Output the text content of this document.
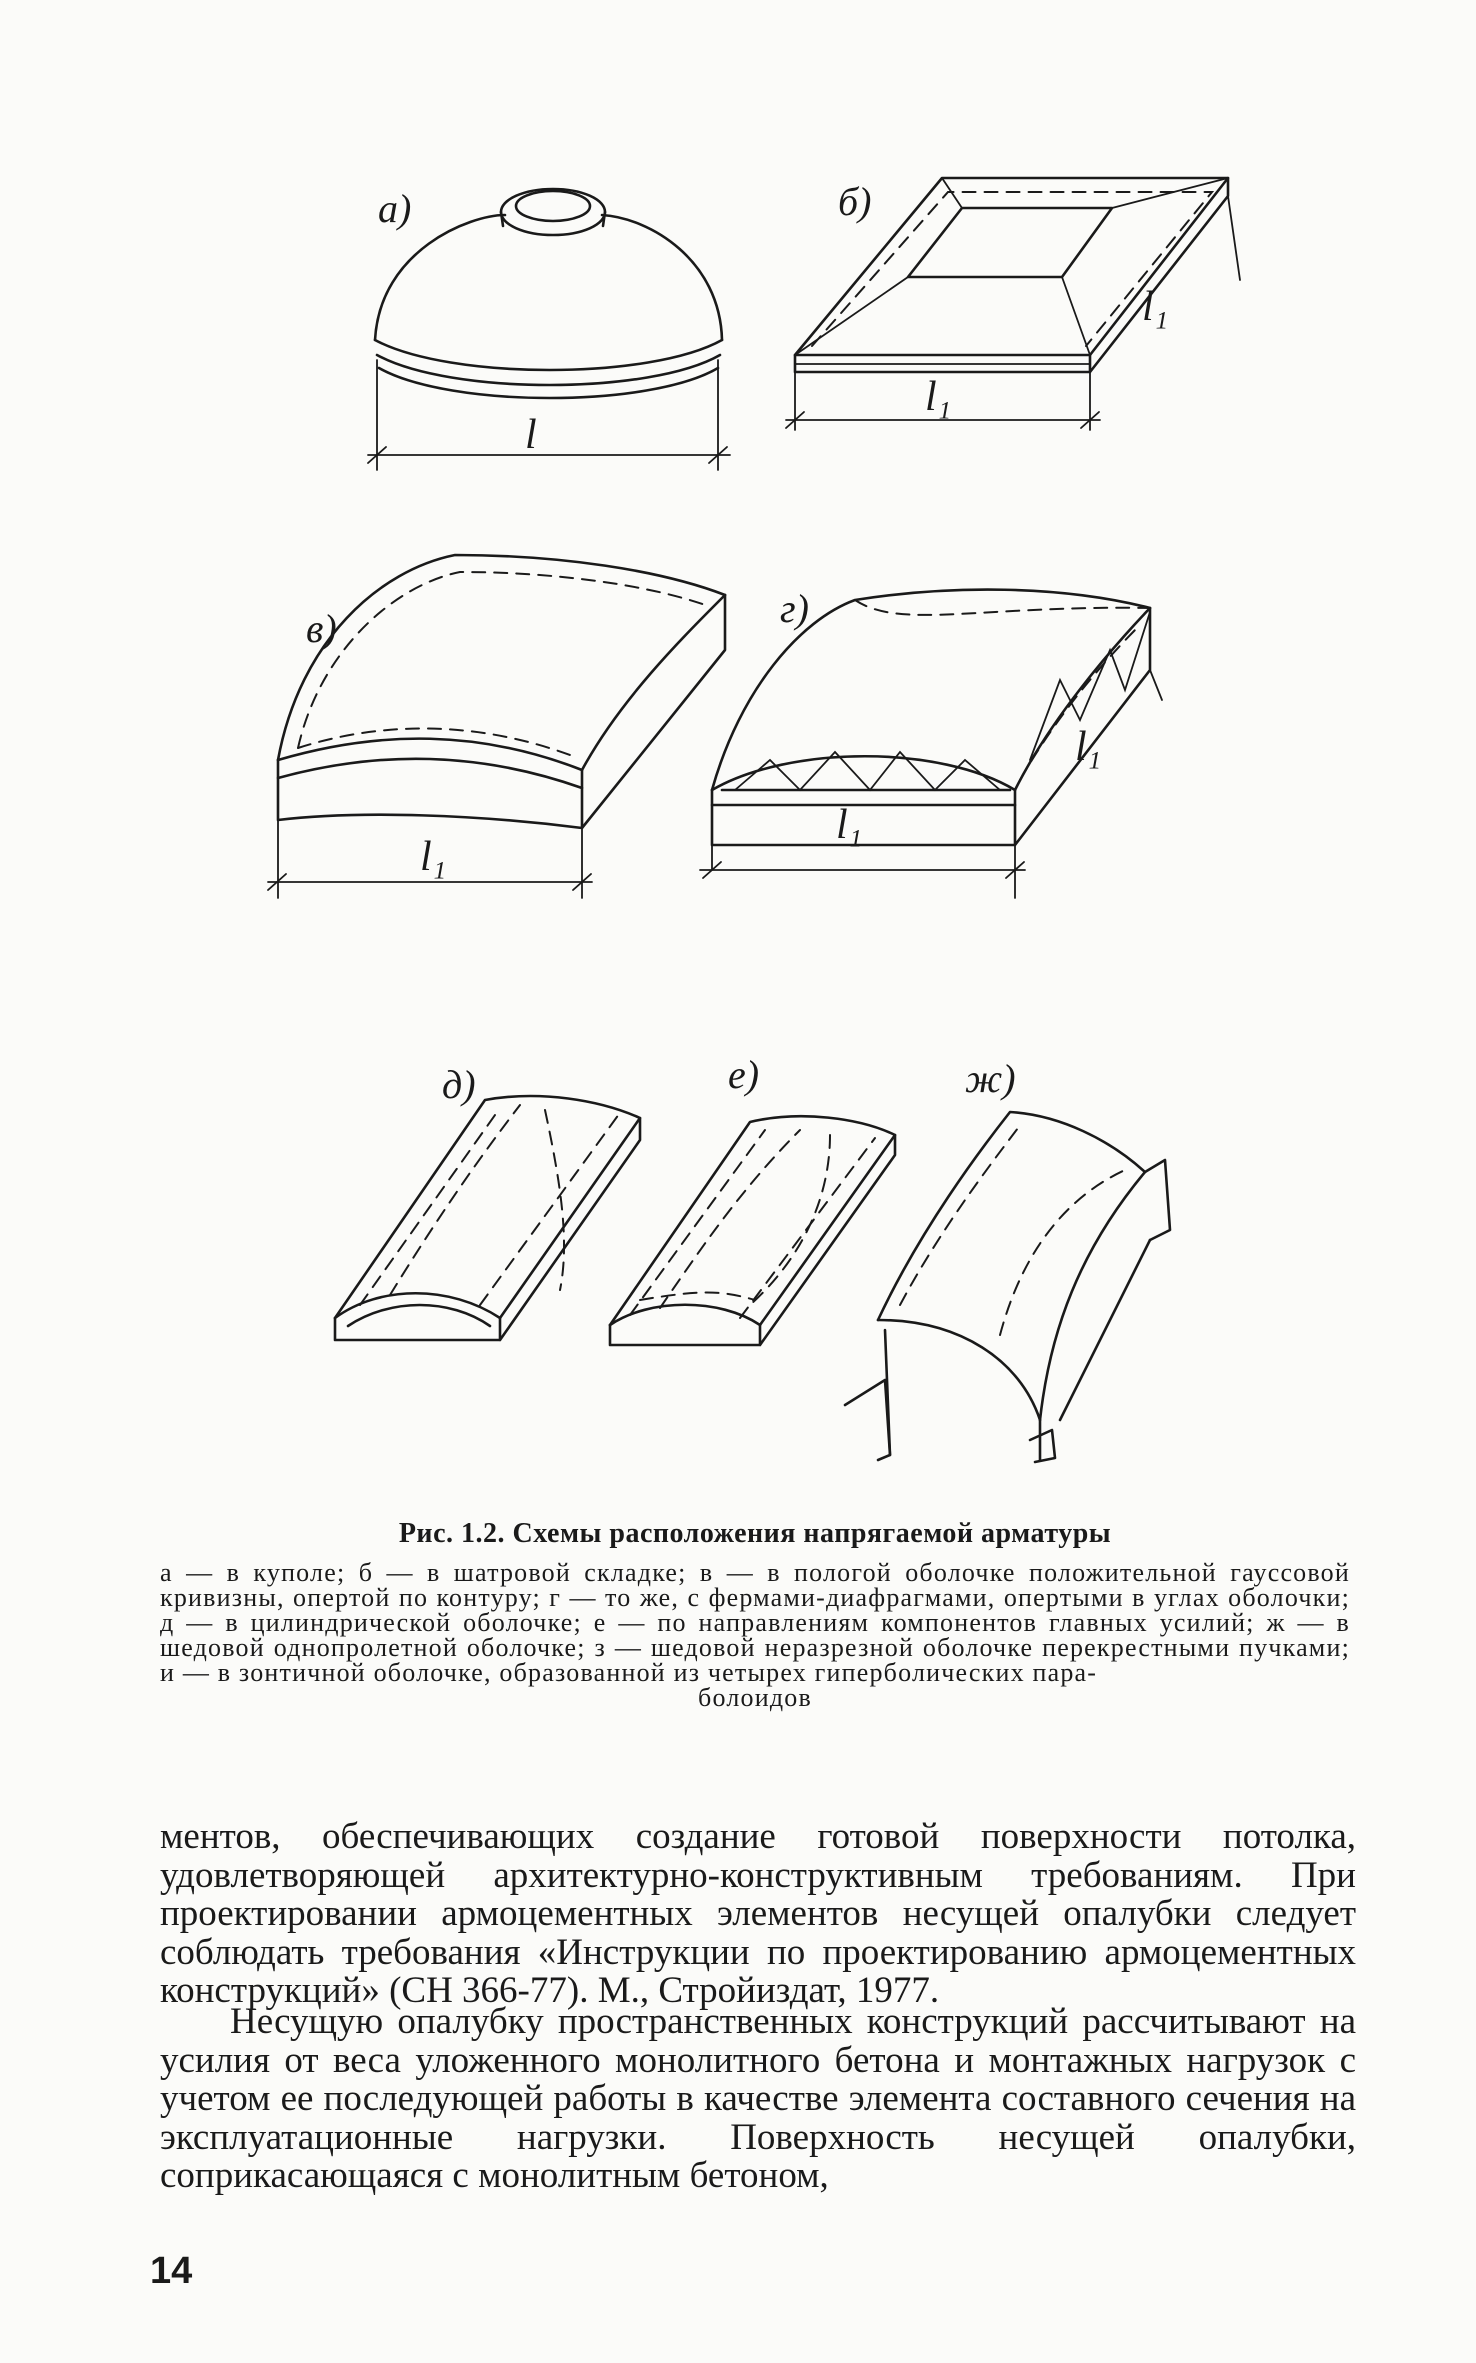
а)
l
б)
l₁
l₁
в)
l₁
г)
l₁
l₁
д)	е)	ж)
Рис. 1.2. Схемы расположения напрягаемой арматуры
а — в куполе; б — в шатровой складке; в — в пологой оболочке положительной гауссовой кривизны, опертой по контуру; г — то же, с фермами-диафрагмами, опертыми в углах оболочки; д — в цилиндрической оболочке; е — по направлениям компонентов главных усилий; ж — в шедовой однопролетной оболочке; з — шедовой неразрезной оболочке перекрестными пучками; и — в зонтичной оболочке, образованной из четырех гиперболических пара-
болоидов

ментов, обеспечивающих создание готовой поверхности потолка, удовлетворяющей архитектурно-конструктивным требованиям. При проектировании армоцементных элементов несущей опалубки следует соблюдать требования «Инструкции по проектированию армоцементных конструкций» (СН 366-77). М., Стройиздат, 1977.

Несущую опалубку пространственных конструкций рассчитывают на усилия от веса уложенного монолитного бетона и монтажных нагрузок с учетом ее последующей работы в качестве элемента составного сечения на эксплуатационные нагрузки. Поверхность несущей опалубки, соприкасающаяся с монолитным бетоном,

14
